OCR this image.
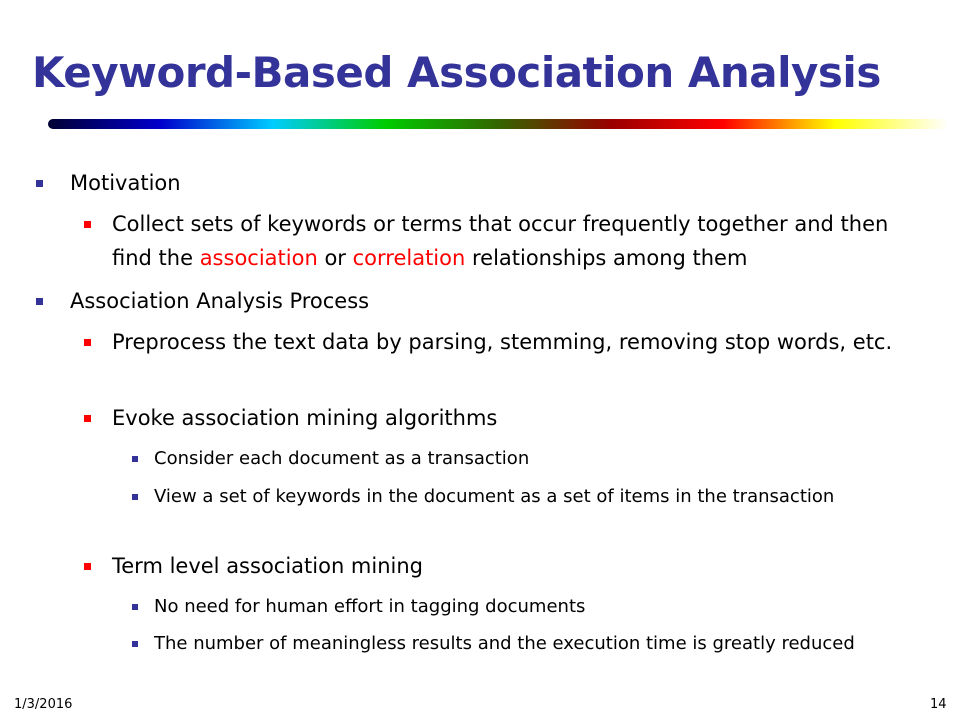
Keyword-Based Association Analysis
Motivation
Collect sets of keywords or terms that occur frequently together and then find the association or correlation relationships among them
Association Analysis Process
Preprocess the text data by parsing, stemming, removing stop words, etc.
Evoke association mining algorithms
Consider each document as a transaction
View a set of keywords in the document as a set of items in the transaction
Term level association mining
No need for human effort in tagging documents
The number of meaningless results and the execution time is greatly reduced
1/3/2016	14
